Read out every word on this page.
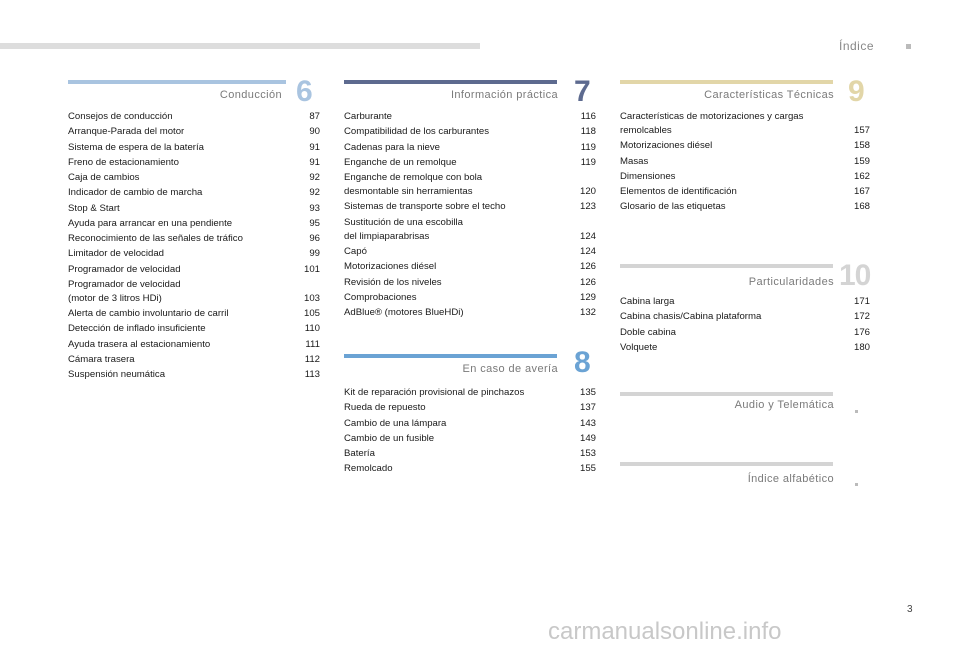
Índice
Conducción 6
Consejos de conducción	87
Arranque-Parada del motor	90
Sistema de espera de la batería	91
Freno de estacionamiento	91
Caja de cambios	92
Indicador de cambio de marcha	92
Stop & Start	93
Ayuda para arrancar en una pendiente	95
Reconocimiento de las señales de tráfico	96
Limitador de velocidad	99
Programador de velocidad	101
Programador de velocidad
(motor de 3 litros HDi)	103
Alerta de cambio involuntario de carril	105
Detección de inflado insuficiente	110
Ayuda trasera al estacionamiento	111
Cámara trasera	112
Suspensión neumática	113
Información práctica 7
Carburante	116
Compatibilidad de los carburantes	118
Cadenas para la nieve	119
Enganche de un remolque	119
Enganche de remolque con bola
desmontable sin herramientas	120
Sistemas de transporte sobre el techo	123
Sustitución de una escobilla
del limpiaparabrisas	124
Capó	124
Motorizaciones diésel	126
Revisión de los niveles	126
Comprobaciones	129
AdBlue® (motores BlueHDi)	132
En caso de avería 8
Kit de reparación provisional de pinchazos	135
Rueda de repuesto	137
Cambio de una lámpara	143
Cambio de un fusible	149
Batería	153
Remolcado	155
Características Técnicas 9
Características de motorizaciones y cargas
remolcables	157
Motorizaciones diésel	158
Masas	159
Dimensiones	162
Elementos de identificación	167
Glosario de las etiquetas	168
Particularidades 10
Cabina larga	171
Cabina chasis/Cabina plataforma	172
Doble cabina	176
Volquete	180
Audio y Telemática
Índice alfabético
3
carmanualsonline.info
